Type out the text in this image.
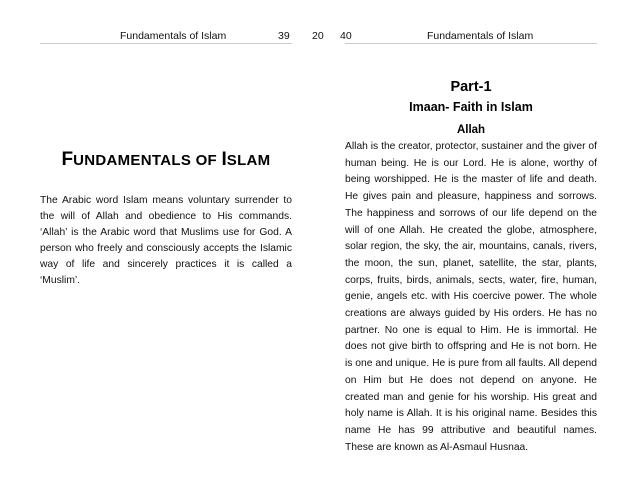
Fundamentals of Islam	39 20 40	Fundamentals of Islam
FUNDAMENTALS OF ISLAM

The Arabic word Islam means voluntary surrender to the will of Allah and obedience to His commands. ‘Allah’ is the Arabic word that Muslims use for God. A person who freely and consciously accepts the Islamic way of life and sincerely practices it is called a ‘Muslim’.

Part-1
Imaan- Faith in Islam
Allah

Allah is the creator, protector, sustainer and the giver of human being. He is our Lord. He is alone, worthy of being worshipped. He is the master of life and death. He gives pain and pleasure, happiness and sorrows. The happiness and sorrows of our life depend on the will of one Allah. He created the globe, atmosphere, solar region, the sky, the air, mountains, canals, rivers, the moon, the sun, planet, satellite, the star, plants, corps, fruits, birds, animals, sects, water, fire, human, genie, angels etc. with His coercive power. The whole creations are always guided by His orders. He has no partner. No one is equal to Him. He is immortal. He does not give birth to offspring and He is not born. He is one and unique. He is pure from all faults. All depend on Him but He does not depend on anyone. He created man and genie for his worship. His great and holy name is Allah. It is his original name. Besides this name He has 99 attributive and beautiful names. These are known as Al-Asmaul Husnaa.
